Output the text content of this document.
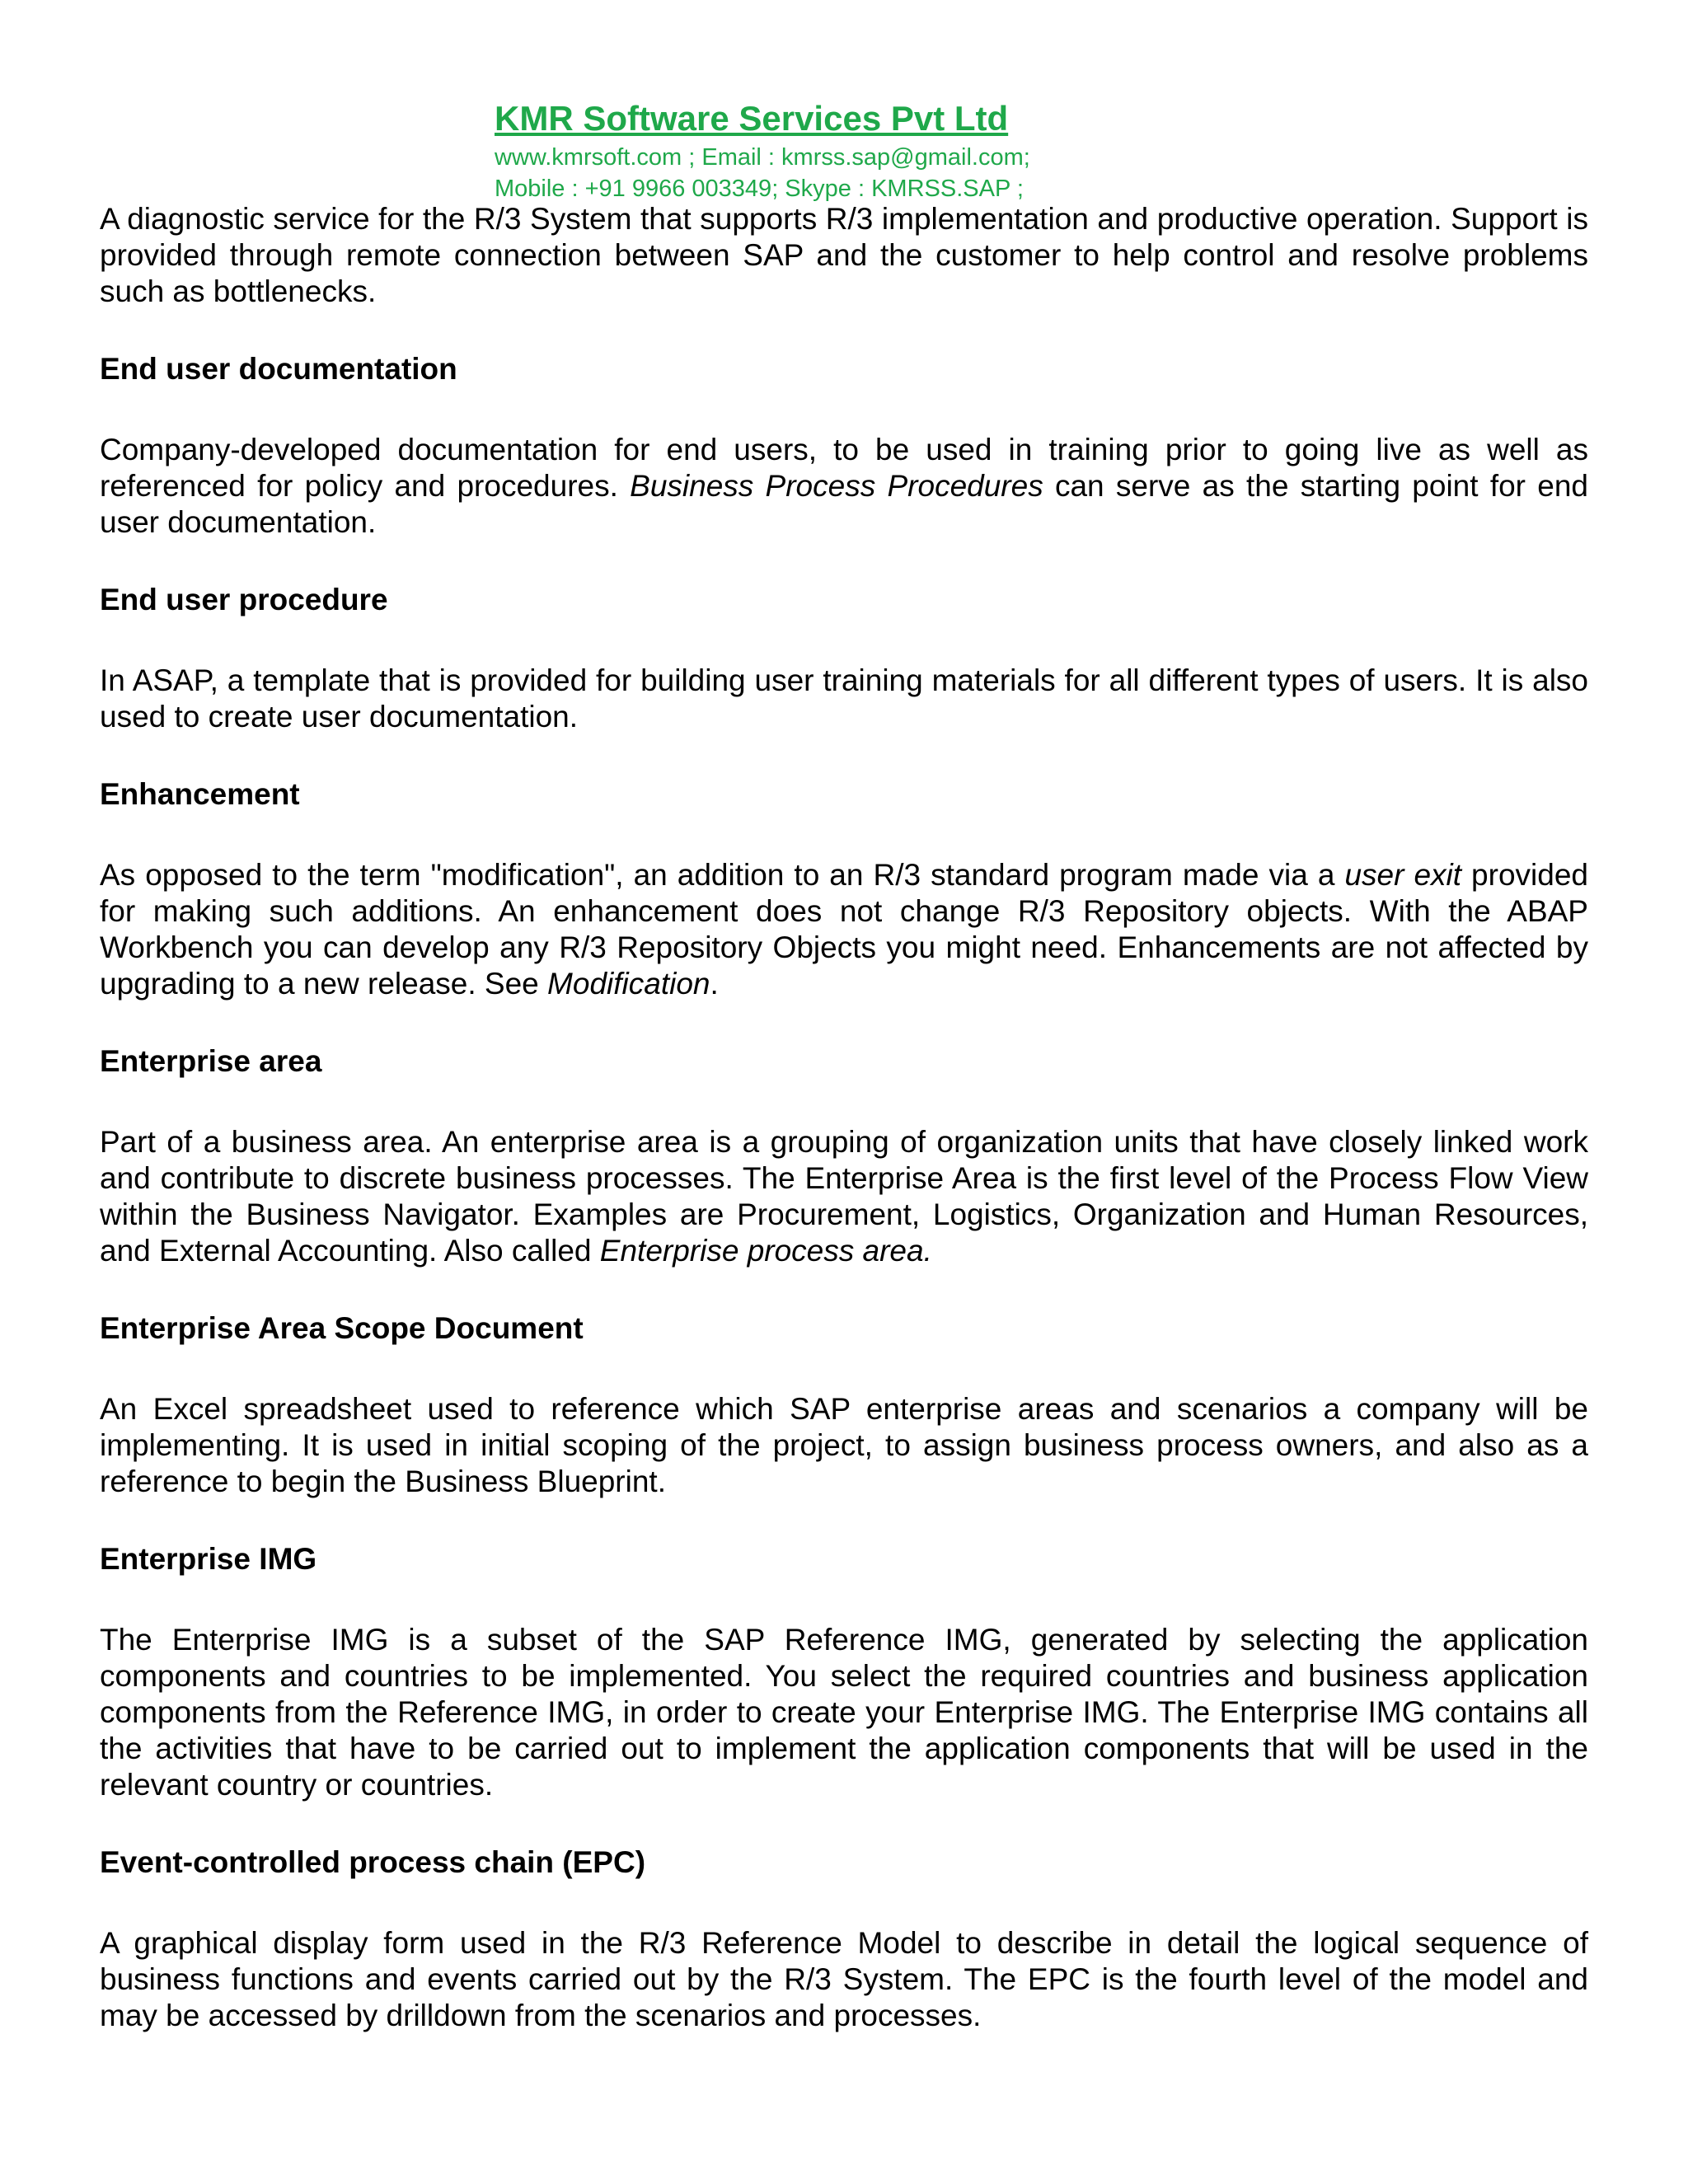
KMR Software Services Pvt Ltd

www.kmrsoft.com ; Email : kmrss.sap@gmail.com;

Mobile : +91 9966 003349; Skype : KMRSS.SAP ;

A diagnostic service for the R/3 System that supports R/3 implementation and productive operation. Support is provided through remote connection between SAP and the customer to help control and resolve problems such as bottlenecks.

End user documentation

Company-developed documentation for end users, to be used in training prior to going live as well as referenced for policy and procedures. Business Process Procedures can serve as the starting point for end user documentation.

End user procedure

In ASAP, a template that is provided for building user training materials for all different types of users. It is also used to create user documentation.

Enhancement

As opposed to the term "modification", an addition to an R/3 standard program made via a user exit provided for making such additions. An enhancement does not change R/3 Repository objects. With the ABAP Workbench you can develop any R/3 Repository Objects you might need. Enhancements are not affected by upgrading to a new release. See Modification.

Enterprise area

Part of a business area. An enterprise area is a grouping of organization units that have closely linked work and contribute to discrete business processes. The Enterprise Area is the first level of the Process Flow View within the Business Navigator. Examples are Procurement, Logistics, Organization and Human Resources, and External Accounting. Also called Enterprise process area.

Enterprise Area Scope Document

An Excel spreadsheet used to reference which SAP enterprise areas and scenarios a company will be implementing. It is used in initial scoping of the project, to assign business process owners, and also as a reference to begin the Business Blueprint.

Enterprise IMG

The Enterprise IMG is a subset of the SAP Reference IMG, generated by selecting the application components and countries to be implemented. You select the required countries and business application components from the Reference IMG, in order to create your Enterprise IMG. The Enterprise IMG contains all the activities that have to be carried out to implement the application components that will be used in the relevant country or countries.

Event-controlled process chain (EPC)

A graphical display form used in the R/3 Reference Model to describe in detail the logical sequence of business functions and events carried out by the R/3 System. The EPC is the fourth level of the model and may be accessed by drilldown from the scenarios and processes.
